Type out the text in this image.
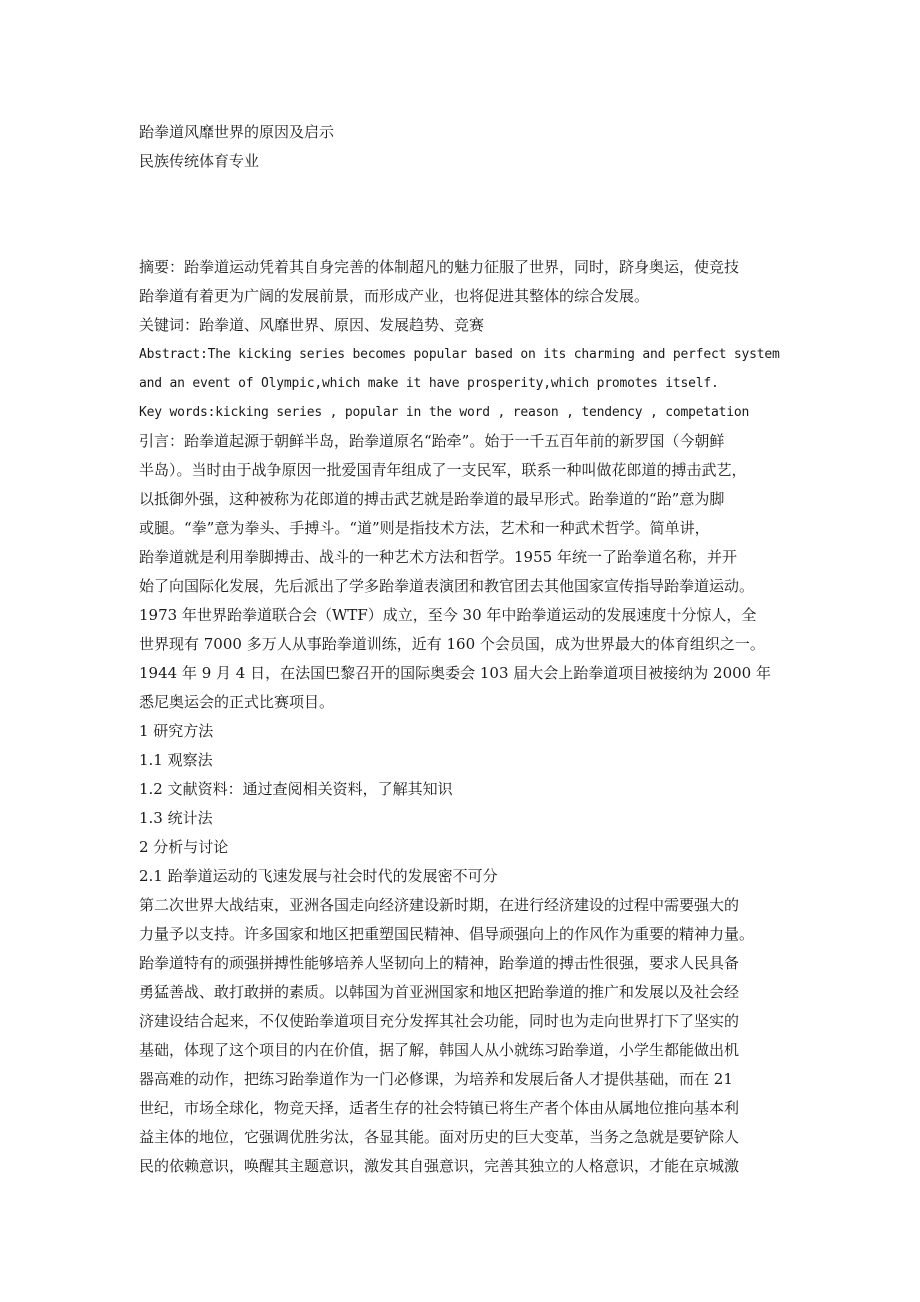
跆拳道风靡世界的原因及启示

民族传统体育专业

摘要：跆拳道运动凭着其自身完善的体制超凡的魅力征服了世界，同时，跻身奥运，使竞技
跆拳道有着更为广阔的发展前景，而形成产业，也将促进其整体的综合发展。

关键词：跆拳道、风靡世界、原因、发展趋势、竞赛

Abstract:The kicking series becomes popular based on its charming and perfect system
and an event of Olympic,which make it have prosperity,which promotes itself.

Key words:kicking series , popular in the word , reason , tendency , competation

引言：跆拳道起源于朝鲜半岛，跆拳道原名“跆牵”。始于一千五百年前的新罗国（今朝鲜
半岛）。当时由于战争原因一批爱国青年组成了一支民军，联系一种叫做花郎道的搏击武艺，
以抵御外强，这种被称为花郎道的搏击武艺就是跆拳道的最早形式。跆拳道的“跆”意为脚
或腿。“拳”意为拳头、手搏斗。“道”则是指技术方法，艺术和一种武术哲学。简单讲，
跆拳道就是利用拳脚搏击、战斗的一种艺术方法和哲学。1955 年统一了跆拳道名称，并开
始了向国际化发展，先后派出了学多跆拳道表演团和教官团去其他国家宣传指导跆拳道运动。
1973 年世界跆拳道联合会（WTF）成立，至今 30 年中跆拳道运动的发展速度十分惊人，全
世界现有 7000 多万人从事跆拳道训练，近有 160 个会员国，成为世界最大的体育组织之一。
1944 年 9 月 4 日，在法国巴黎召开的国际奥委会 103 届大会上跆拳道项目被接纳为 2000 年
悉尼奥运会的正式比赛项目。

1 研究方法

1.1 观察法

1.2 文献资料：通过查阅相关资料，了解其知识

1.3 统计法

2 分析与讨论

2.1 跆拳道运动的飞速发展与社会时代的发展密不可分

第二次世界大战结束，亚洲各国走向经济建设新时期，在进行经济建设的过程中需要强大的
力量予以支持。许多国家和地区把重塑国民精神、倡导顽强向上的作风作为重要的精神力量。
跆拳道特有的顽强拼搏性能够培养人坚韧向上的精神，跆拳道的搏击性很强，要求人民具备
勇猛善战、敢打敢拼的素质。以韩国为首亚洲国家和地区把跆拳道的推广和发展以及社会经
济建设结合起来，不仅使跆拳道项目充分发挥其社会功能，同时也为走向世界打下了坚实的
基础，体现了这个项目的内在价值，据了解，韩国人从小就练习跆拳道，小学生都能做出机
器高难的动作，把练习跆拳道作为一门必修课，为培养和发展后备人才提供基础，而在 21
世纪，市场全球化，物竞天择，适者生存的社会特镇已将生产者个体由从属地位推向基本利
益主体的地位，它强调优胜劣汰，各显其能。面对历史的巨大变革，当务之急就是要铲除人
民的依赖意识，唤醒其主题意识，激发其自强意识，完善其独立的人格意识，才能在京城激
